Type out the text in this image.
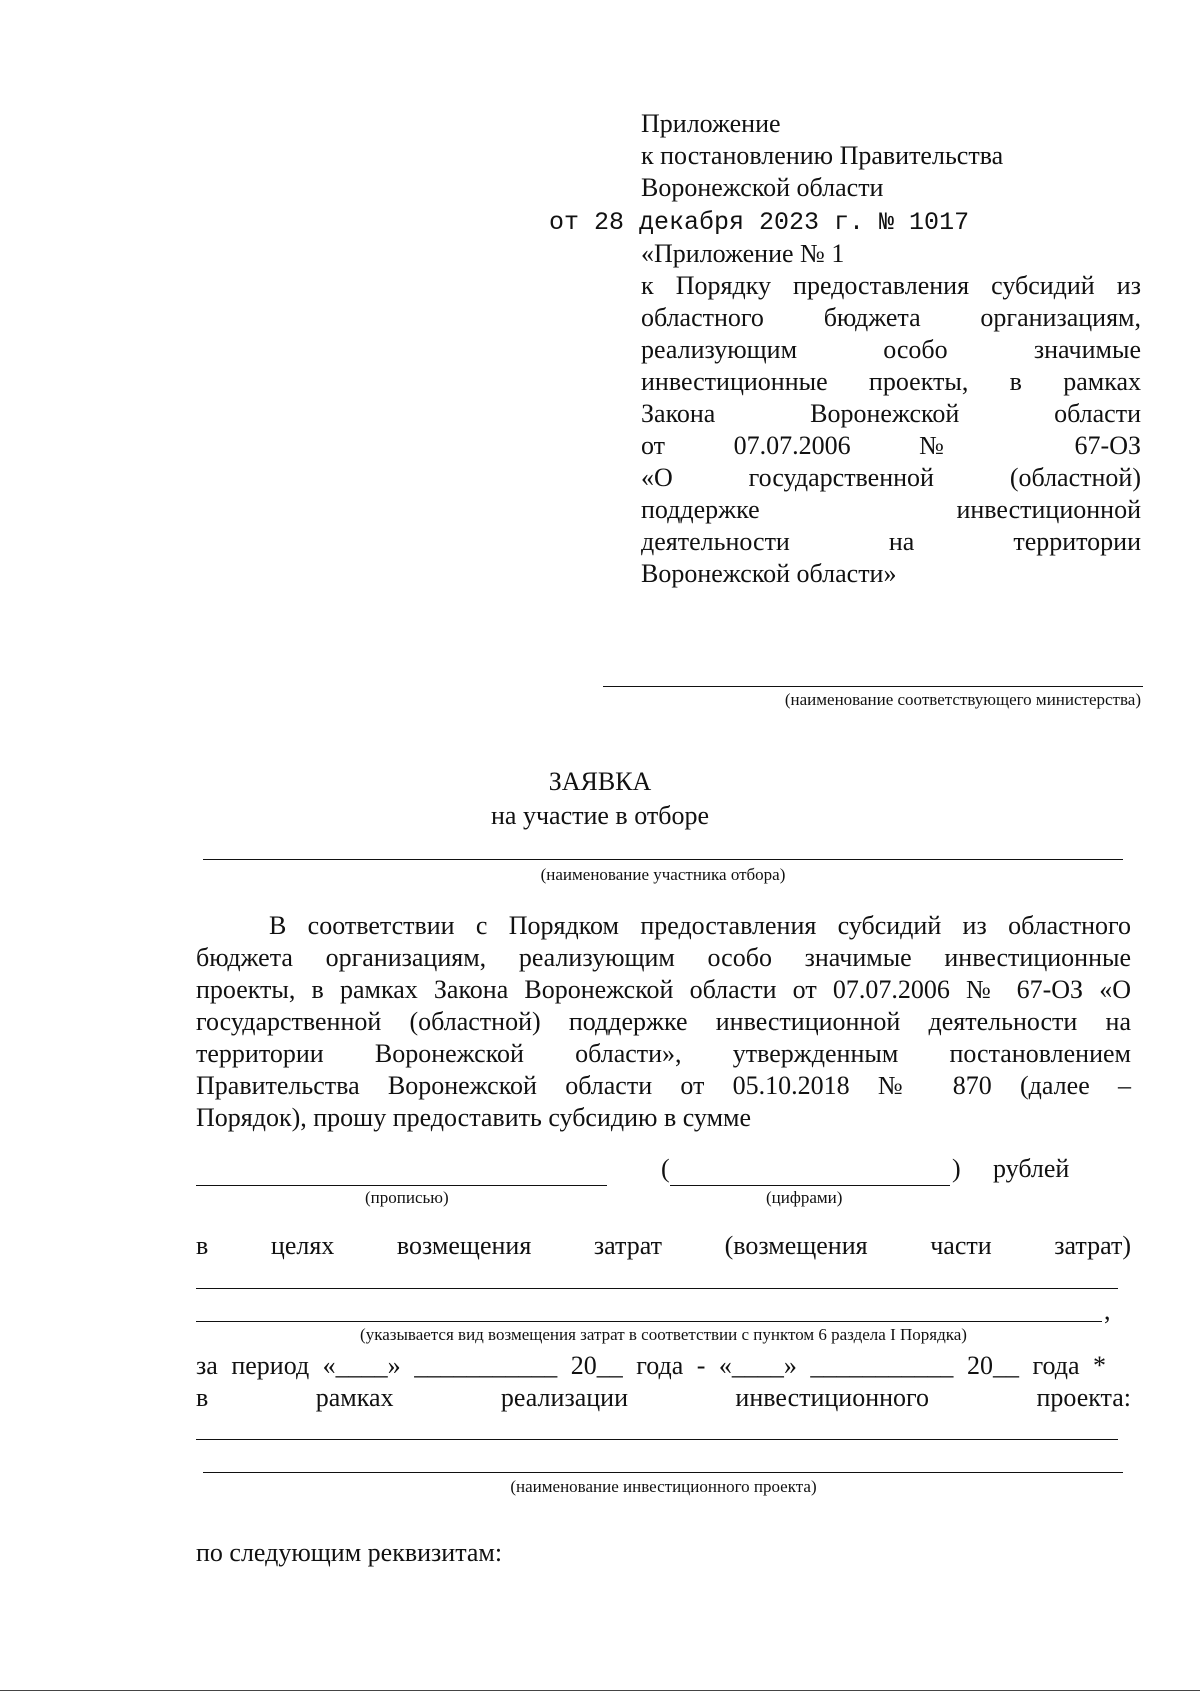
Приложение
к постановлению Правительства
Воронежской области
от 28 декабря 2023 г. № 1017
«Приложение № 1
к Порядку предоставления субсидий из
областного бюджета организациям,
реализующим особо значимые
инвестиционные проекты, в рамках
Закона Воронежской области
от 07.07.2006 № 67-ОЗ
«О государственной (областной)
поддержке инвестиционной
деятельности на территории
Воронежской области»
(наименование соответствующего министерства)
ЗАЯВКА
на участие в отборе
(наименование участника отбора)
В соответствии с Порядком предоставления субсидий из областного
бюджета организациям, реализующим особо значимые инвестиционные
проекты, в рамках Закона Воронежской области от 07.07.2006 № 67-ОЗ «О
государственной (областной) поддержке инвестиционной деятельности на
территории Воронежской области», утвержденным постановлением
Правительства Воронежской области от 05.10.2018 № 870 (далее –
Порядок), прошу предоставить субсидию в сумме
(	) рублей
(прописью)	(цифрами)
в целях возмещения затрат (возмещения части затрат)
,
(указывается вид возмещения затрат в соответствии с пунктом 6 раздела I Порядка)
за период «____» ___________ 20__ года - «____» ___________ 20__ года *
в рамках реализации инвестиционного проекта:
(наименование инвестиционного проекта)
по следующим реквизитам:
